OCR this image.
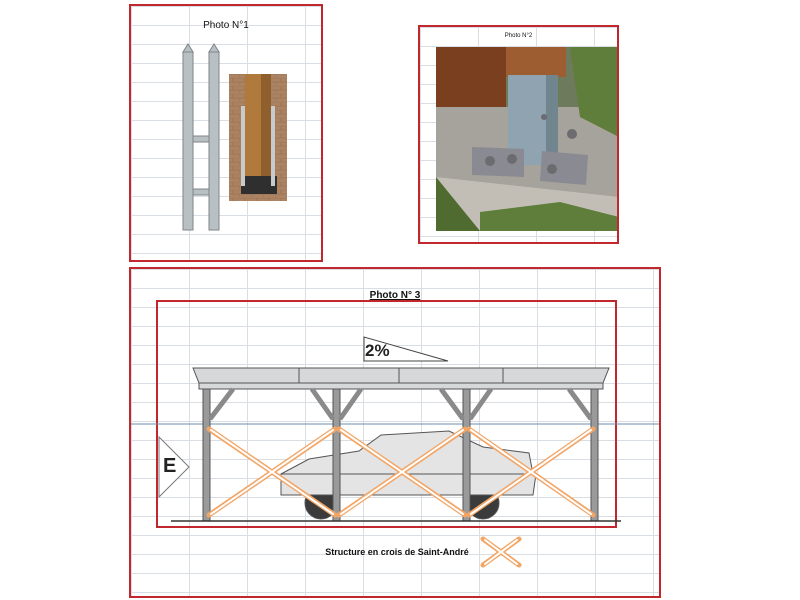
Photo N°1
Photo N°2
Photo N° 3
2%
E
Structure en crois de Saint-André
